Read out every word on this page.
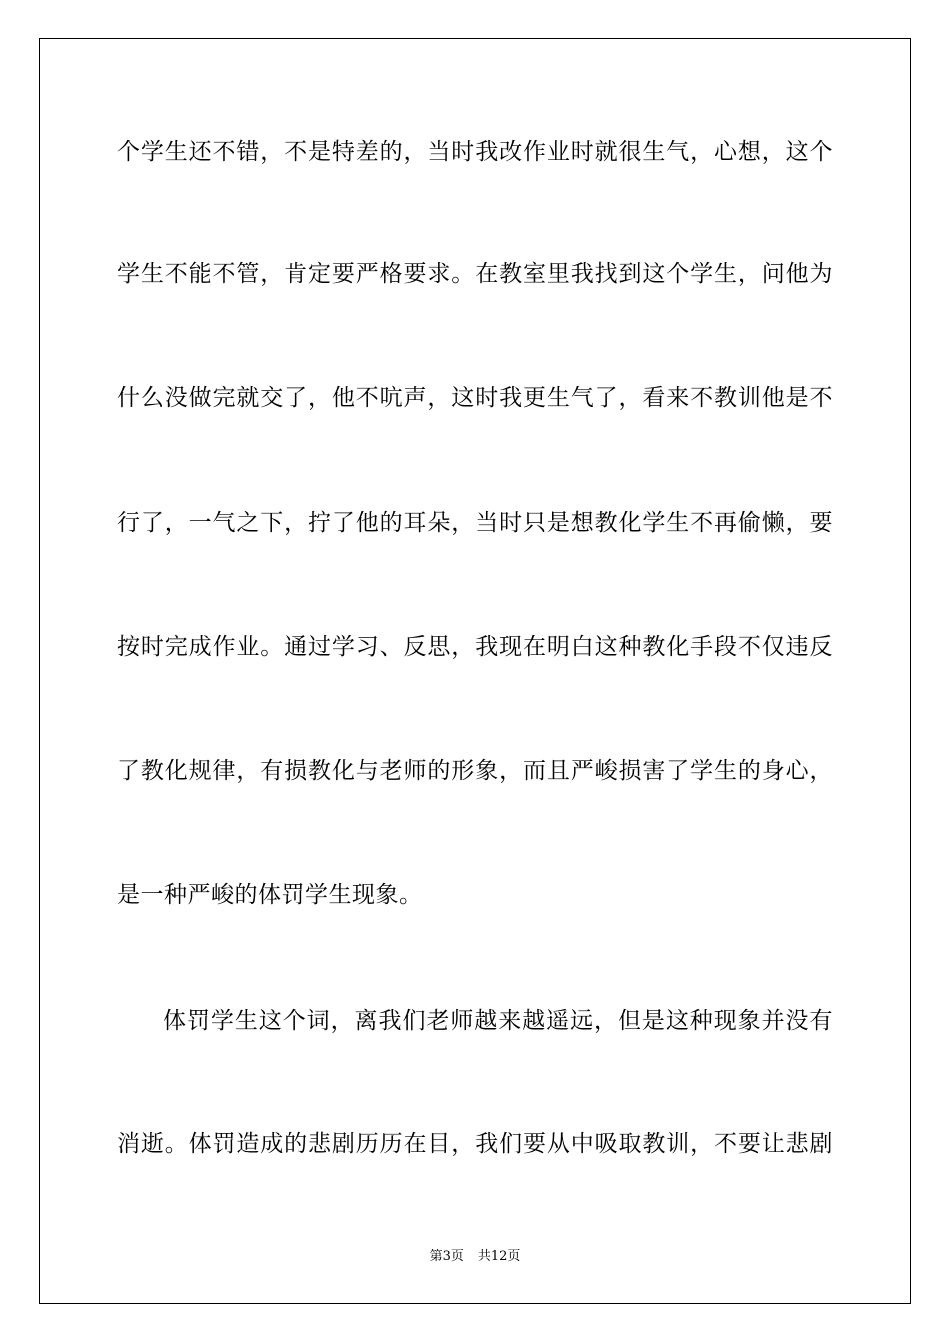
个学生还不错，不是特差的，当时我改作业时就很生气，心想，这个
学生不能不管，肯定要严格要求。在教室里我找到这个学生，问他为
什么没做完就交了，他不吭声，这时我更生气了，看来不教训他是不
行了，一气之下，拧了他的耳朵，当时只是想教化学生不再偷懒，要
按时完成作业。通过学习、反思，我现在明白这种教化手段不仅违反
了教化规律，有损教化与老师的形象，而且严峻损害了学生的身心，
是一种严峻的体罚学生现象。
体罚学生这个词，离我们老师越来越遥远，但是这种现象并没有
消逝。体罚造成的悲剧历历在目，我们要从中吸取教训，不要让悲剧
第3页 共12页
